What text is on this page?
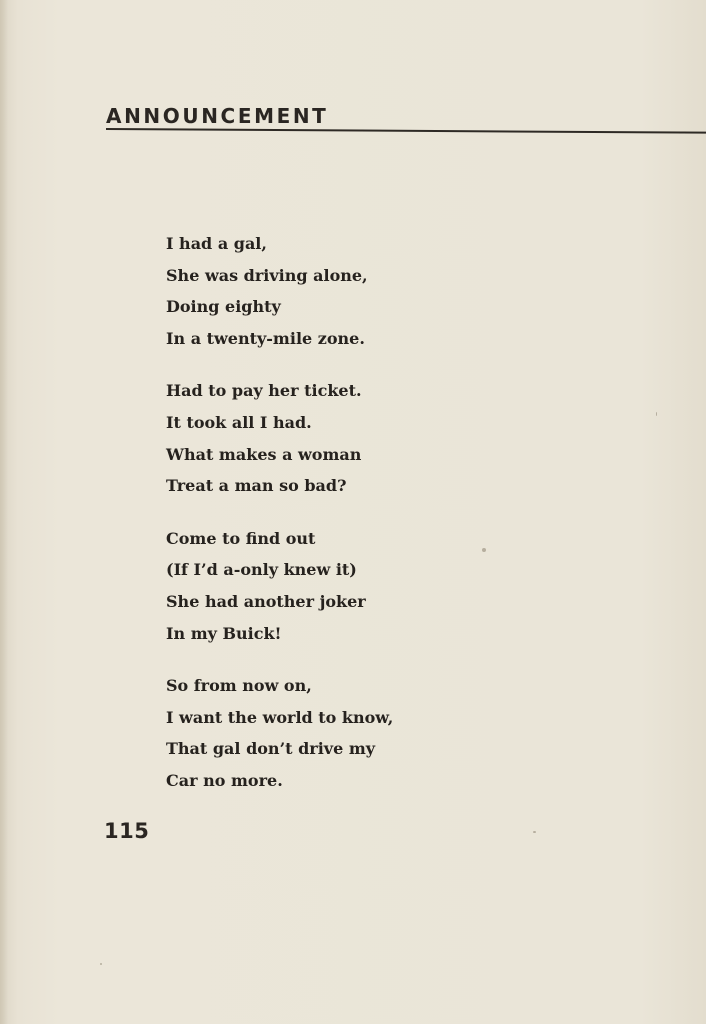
ANNOUNCEMENT
I had a gal,
She was driving alone,
Doing eighty
In a twenty-mile zone.
Had to pay her ticket.
It took all I had.
What makes a woman
Treat a man so bad?
Come to find out
(If I’d a-only knew it)
She had another joker
In my Buick!
So from now on,
I want the world to know,
That gal don’t drive my
Car no more.
115
